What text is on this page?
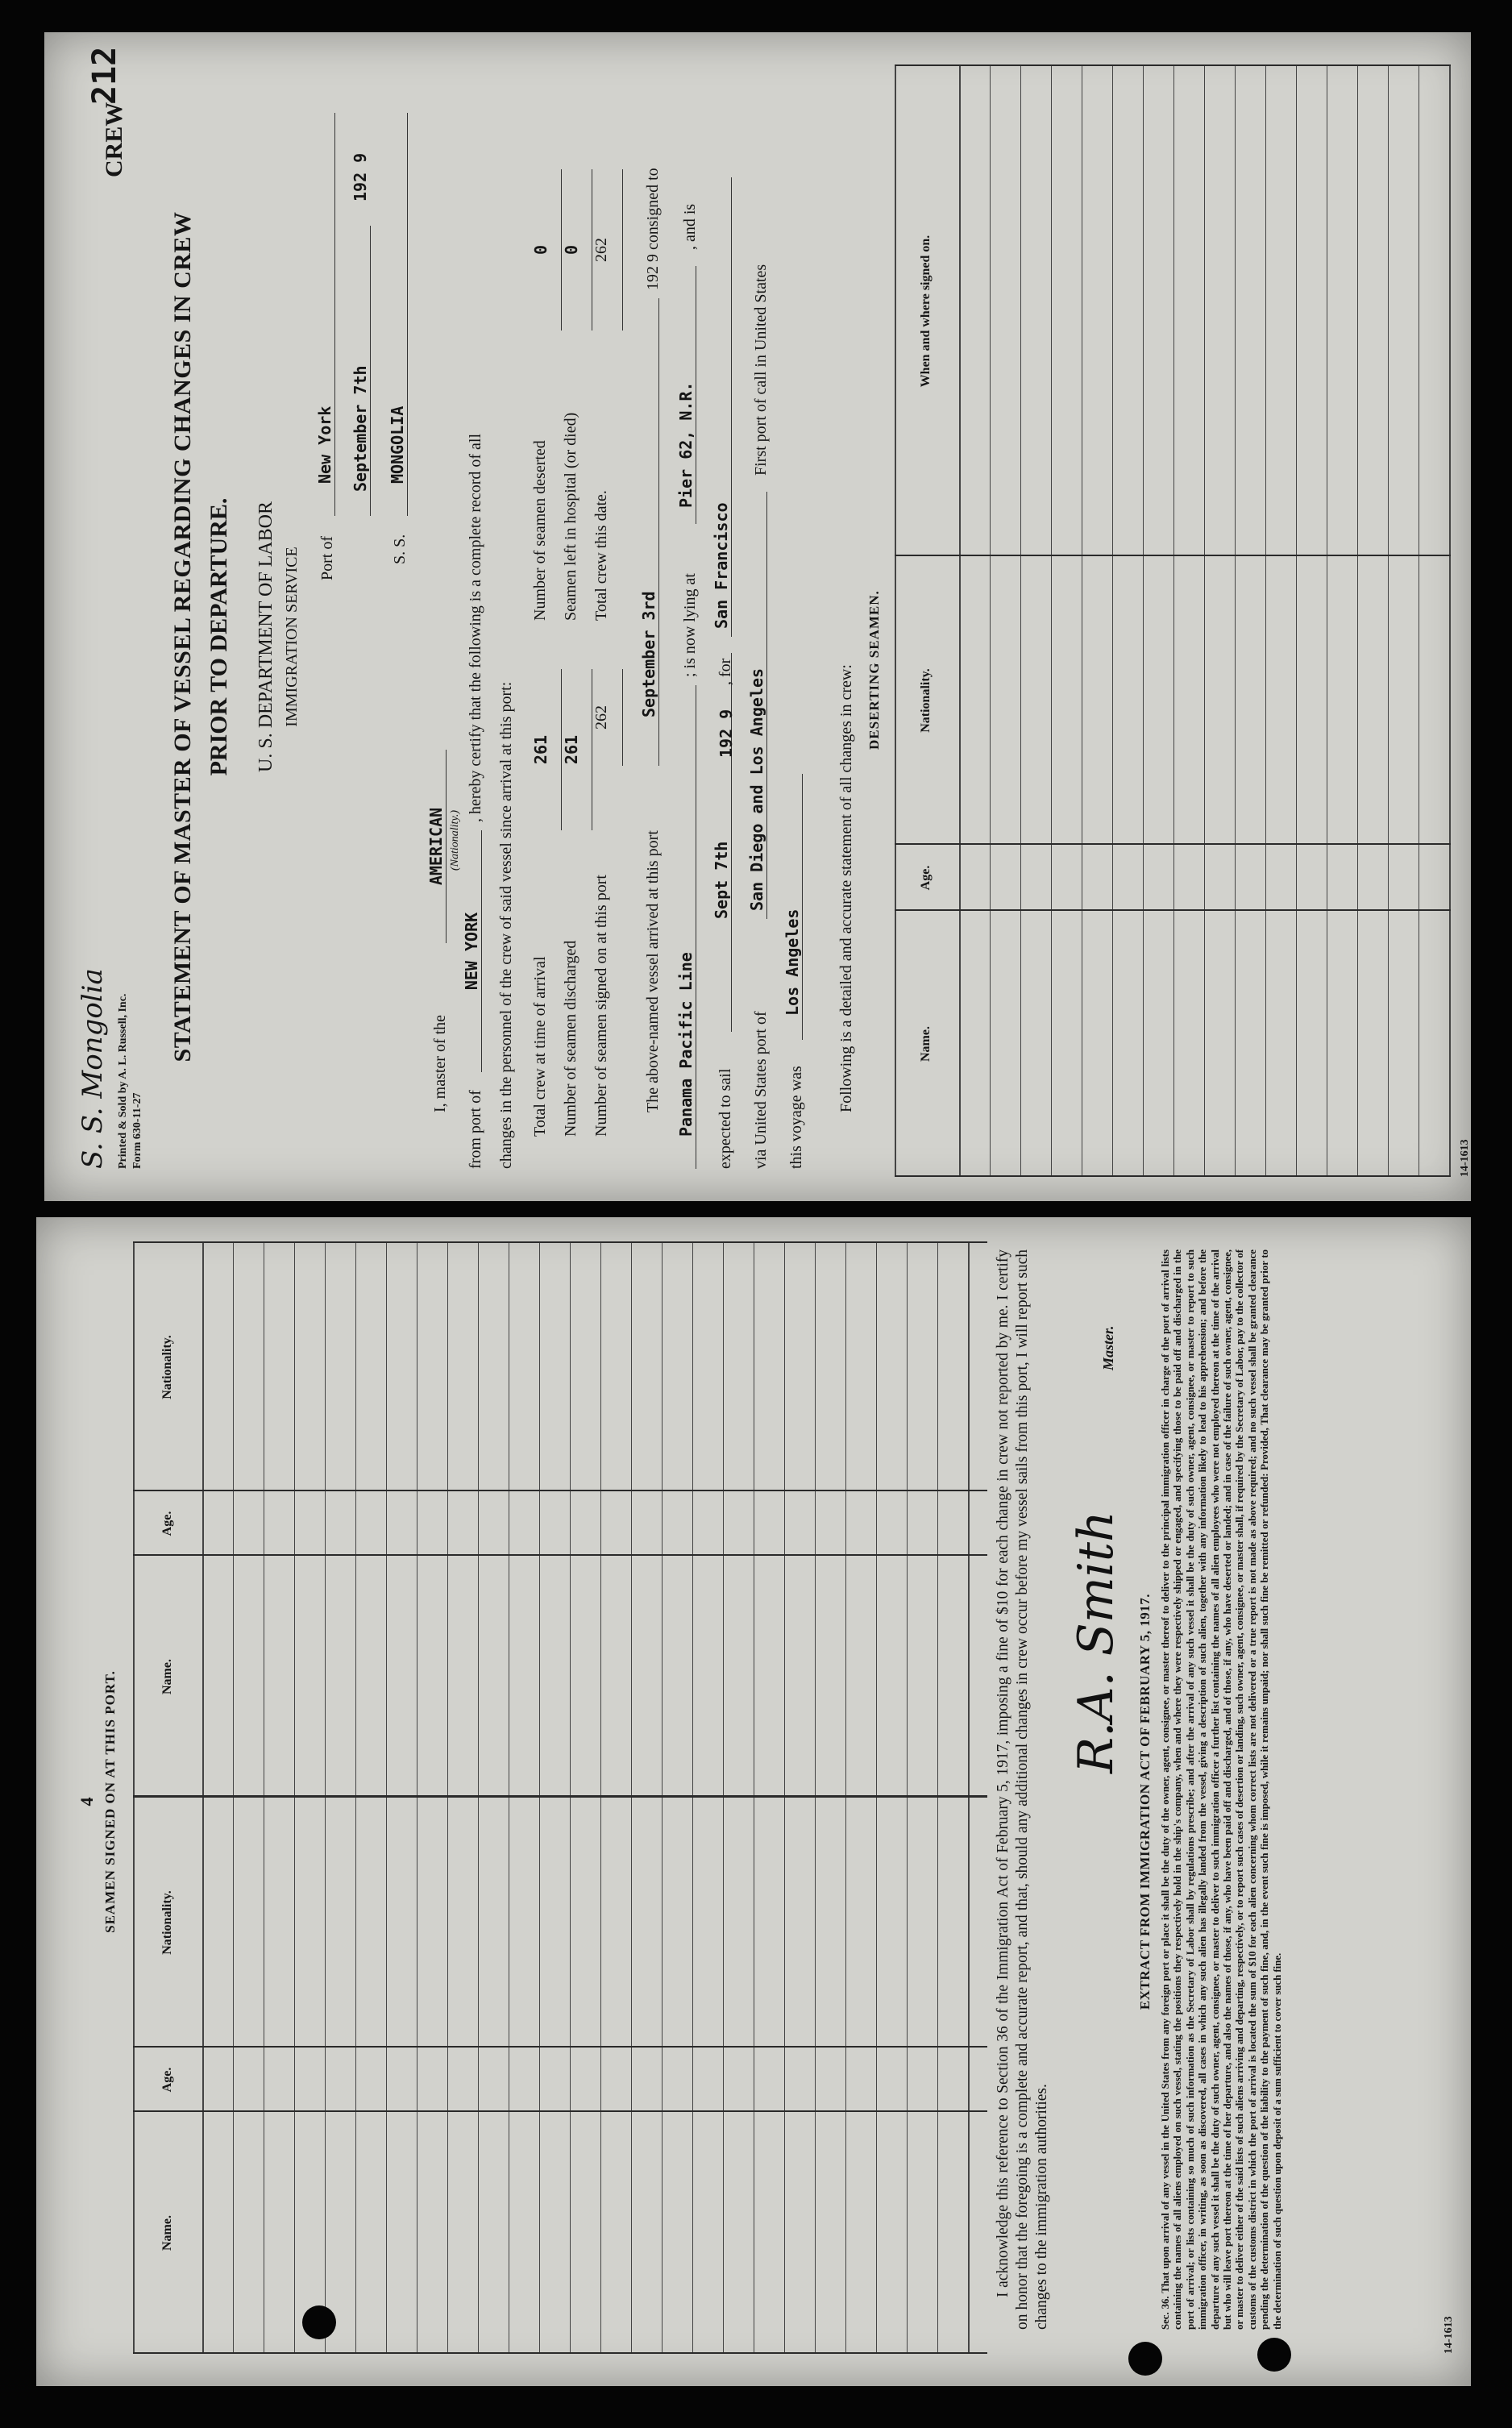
S. S. Mongolia Printed & Sold by A. L. Russell, Inc. Form 630-11-27
CREW
212
STATEMENT OF MASTER OF VESSEL REGARDING CHANGES IN CREW PRIOR TO DEPARTURE. U. S. DEPARTMENT OF LABOR IMMIGRATION SERVICE Port of
New York September 7th
192 9
S. S.
MONGOLIA
I, master of the
AMERICAN (Nationality.)
from port of
NEW YORK
, hereby certify that the following is a complete record of all
changes in the personnel of the crew of said vessel since arrival at this port: Total crew at time of arrival
261
Number of seamen discharged
261
Number of seamen signed on at this port
262
Number of seamen deserted
0
Seamen left in hospital (or died)
0
Total crew this date.
262
The above-named vessel arrived at this port
September 3rd
192 9 consigned to
Panama Pacific Line
; is now lying at
Pier 62, N.R.
, and is
expected to sail
Sept 7th
192 9
, for
San Francisco
via United States port of
San Diego and Los Angeles
First port of call in United States
this voyage was
Los Angeles Following is a detailed and accurate statement of all changes in crew: DESERTING SEAMEN.
Name.
Age.
Nationality.
When and where signed on.
14-1613
4 SEAMEN SIGNED ON AT THIS PORT.
Name.
Age.
Nationality.
Name.
Age.
Nationality.	I acknowledge this reference to Section 36 of the Immigration Act of February 5, 1917, imposing a fine of $10 for each change in crew not reported by me. I certify on honor that the foregoing is a complete and accurate report, and that, should any additional changes in crew occur before my vessel sails from this port, I will report such changes to the immigration authorities.
R.A. Smith
Master.
EXTRACT FROM IMMIGRATION ACT OF FEBRUARY 5, 1917. Sec. 36. That upon arrival of any vessel in the United States from any foreign port or place it shall be the duty of the owner, agent, consignee, or master thereof to deliver to the principal immigration officer in charge of the port of arrival lists containing the names of all aliens employed on such vessel, stating the positions they respectively hold in the ship's company, when and where they were respectively shipped or engaged, and specifying those to be paid off and discharged in the port of arrival; or lists containing so much of such information as the Secretary of Labor shall by regulations prescribe; and after the arrival of any such vessel it shall be the duty of such owner, agent, consignee, or master to report to such immigration officer, in writing, as soon as discovered, all cases in which any such alien has illegally landed from the vessel, giving a description of such alien, together with any information likely to lead to his apprehension; and before the departure of any such vessel it shall be the duty of such owner, agent, consignee, or master to deliver to such immigration officer a further list containing the names of all alien employees who were not employed thereon at the time of the arrival but who will leave port thereon at the time of her departure, and also the names of those, if any, who have been paid off and discharged, and of those, if any, who have deserted or landed; and in case of the failure of such owner, agent, consignee, or master to deliver either of the said lists of such aliens arriving and departing, respectively, or to report such cases of desertion or landing, such owner, agent, consignee, or master shall, if required by the Secretary of Labor, pay to the collector of customs of the customs district in which the port of arrival is located the sum of $10 for each alien concerning whom correct lists are not delivered or a true report is not made as above required; and no such vessel shall be granted clearance pending the determination of the question of the liability to the payment of such fine, and, in the event such fine is imposed, while it remains unpaid; nor shall such fine be remitted or refunded: Provided, That clearance may be granted prior to the determination of such question upon deposit of a sum sufficient to cover such fine.
14-1613
